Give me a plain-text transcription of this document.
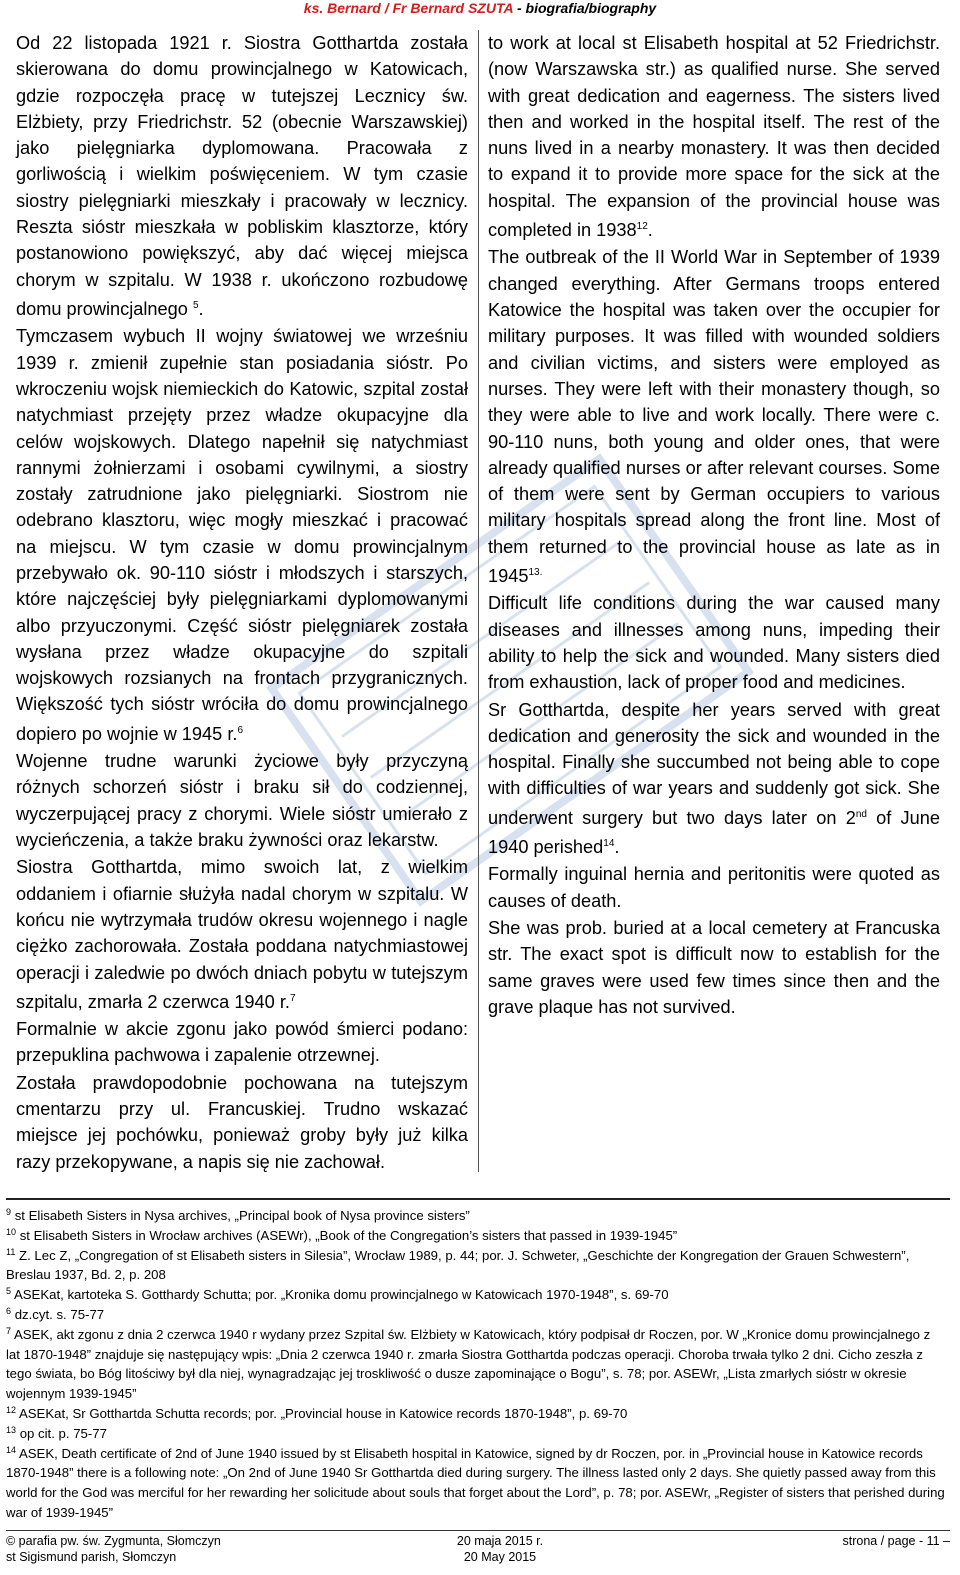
ks. Bernard / Fr Bernard SZUTA - biografia/biography

Od 22 listopada 1921 r. Siostra Gotthartda została skierowana do domu prowincjalnego w Katowicach, gdzie rozpoczęła pracę w tutejszej Lecznicy św. Elżbiety, przy Friedrichstr. 52 (obecnie Warszawskiej) jako pielęgniarka dyplomowana. Pracowała z gorliwością i wielkim poświęceniem. W tym czasie siostry pielęgniarki mieszkały i pracowały w lecznicy. Reszta sióstr mieszkała w pobliskim klasztorze, który postanowiono powiększyć, aby dać więcej miejsca chorym w szpitalu. W 1938 r. ukończono rozbudowę domu prowincjalnego $^5$.

Tymczasem wybuch II wojny światowej we wrześniu 1939 r. zmienił zupełnie stan posiadania sióstr. Po wkroczeniu wojsk niemieckich do Katowic, szpital został natychmiast przejęty przez władze okupacyjne dla celów wojskowych. Dlatego napełnił się natychmiast rannymi żołnierzami i osobami cywilnymi, a siostry zostały zatrudnione jako pielęgniarki. Siostrom nie odebrano klasztoru, więc mogły mieszkać i pracować na miejscu. W tym czasie w domu prowincjalnym przebywało ok. 90-110 sióstr i młodszych i starszych, które najczęściej były pielęgniarkami dyplomowanymi albo przyuczonymi. Część sióstr pielęgniarek została wysłana przez władze okupacyjne do szpitali wojskowych rozsianych na frontach przygranicznych. Większość tych sióstr wróciła do domu prowincjalnego dopiero po wojnie w 1945 r.$^6$

Wojenne trudne warunki życiowe były przyczyną różnych schorzeń sióstr i braku sił do codziennej, wyczerpującej pracy z chorymi. Wiele sióstr umierało z wycieńczenia, a także braku żywności oraz lekarstw.

Siostra Gotthartda, mimo swoich lat, z wielkim oddaniem i ofiarnie służyła nadal chorym w szpitalu. W końcu nie wytrzymała trudów okresu wojennego i nagle ciężko zachorowała. Została poddana natychmiastowej operacji i zaledwie po dwóch dniach pobytu w tutejszym szpitalu, zmarła 2 czerwca 1940 r.$^7$

Formalnie w akcie zgonu jako powód śmierci podano: przepuklina pachwowa i zapalenie otrzewnej.

Została prawdopodobnie pochowana na tutejszym cmentarzu przy ul. Francuskiej. Trudno wskazać miejsce jej pochówku, ponieważ groby były już kilka razy przekopywane, a napis się nie zachował.

to work at local st Elisabeth hospital at 52 Friedrichstr. (now Warszawska str.) as qualified nurse. She served with great dedication and eagerness. The sisters lived then and worked in the hospital itself. The rest of the nuns lived in a nearby monastery. It was then decided to expand it to provide more space for the sick at the hospital. The expansion of the provincial house was completed in 1938$^{12}$.

The outbreak of the II World War in September of 1939 changed everything. After Germans troops entered Katowice the hospital was taken over the occupier for military purposes. It was filled with wounded soldiers and civilian victims, and sisters were employed as nurses. They were left with their monastery though, so they were able to live and work locally. There were c. 90-110 nuns, both young and older ones, that were already qualified nurses or after relevant courses. Some of them were sent by German occupiers to various military hospitals spread along the front line. Most of them returned to the provincial house as late as in $1945^{13.}$

Difficult life conditions during the war caused many diseases and illnesses among nuns, impeding their ability to help the sick and wounded. Many sisters died from exhaustion, lack of proper food and medicines.

Sr Gotthartda, despite her years served with great dedication and generosity the sick and wounded in the hospital. Finally she succumbed not being able to cope with difficulties of war years and suddenly got sick. She underwent surgery but two days later on 2nd of June 1940 perished$^{14}$.

Formally inguinal hernia and peritonitis were quoted as causes of death.

She was prob. buried at a local cemetery at Francuska str. The exact spot is difficult now to establish for the same graves were used few times since then and the grave plaque has not survived.

$^9$ st Elisabeth Sisters in Nysa archives, „Principal book of Nysa province sisters”

$^{10}$ st Elisabeth Sisters in Wrocław archives (ASEWr), „Book of the Congregation’s sisters that passed in 1939-1945”

$^{11}$ Z. Lec Z, „Congregation of st Elisabeth sisters in Silesia”, Wrocław 1989, p. 44; por. J. Schweter, „Geschichte der Kongregation der Grauen Schwestern”, Breslau 1937, Bd. 2, p. 208

$^5$ ASEKat, kartoteka S. Gotthardy Schutta; por. „Kronika domu prowincjalnego w Katowicach 1970-1948”, s. 69-70

$^6$ dz.cyt. s. 75-77

$^7$ ASEK, akt zgonu z dnia 2 czerwca 1940 r wydany przez Szpital św. Elżbiety w Katowicach, który podpisał dr Roczen, por. W „Kronice domu prowincjalnego z lat 1870-1948” znajduje się następujący wpis: „Dnia 2 czerwca 1940 r. zmarła Siostra Gotthartda podczas operacji. Choroba trwała tylko 2 dni. Cicho zeszła z tego świata, bo Bóg litościwy był dla niej, wynagradzając jej troskliwość o dusze zapominające o Bogu”, s. 78; por. ASEWr, „Lista zmarłych sióstr w okresie wojennym 1939-1945”

$^{12}$ ASEKat, Sr Gotthartda Schutta records; por. „Provincial house in Katowice records 1870-1948”, p. 69-70

$^{13}$ op cit. p. 75-77

$^{14}$ ASEK, Death certificate of 2nd of June 1940 issued by st Elisabeth hospital in Katowice, signed by dr Roczen, por. in „Provincial house in Katowice records 1870-1948” there is a following note: „On 2nd of June 1940 Sr Gotthartda died during surgery. The illness lasted only 2 days. She quietly passed away from this world for the God was merciful for her rewarding her solicitude about souls that forget about the Lord”, p. 78; por. ASEWr, „Register of sisters that perished during war of 1939-1945”

© parafia pw. św. Zygmunta, Słomczyn
st Sigismund parish, Słomczyn
20 maja 2015 r.
20 May 2015
strona / page - 11 –
